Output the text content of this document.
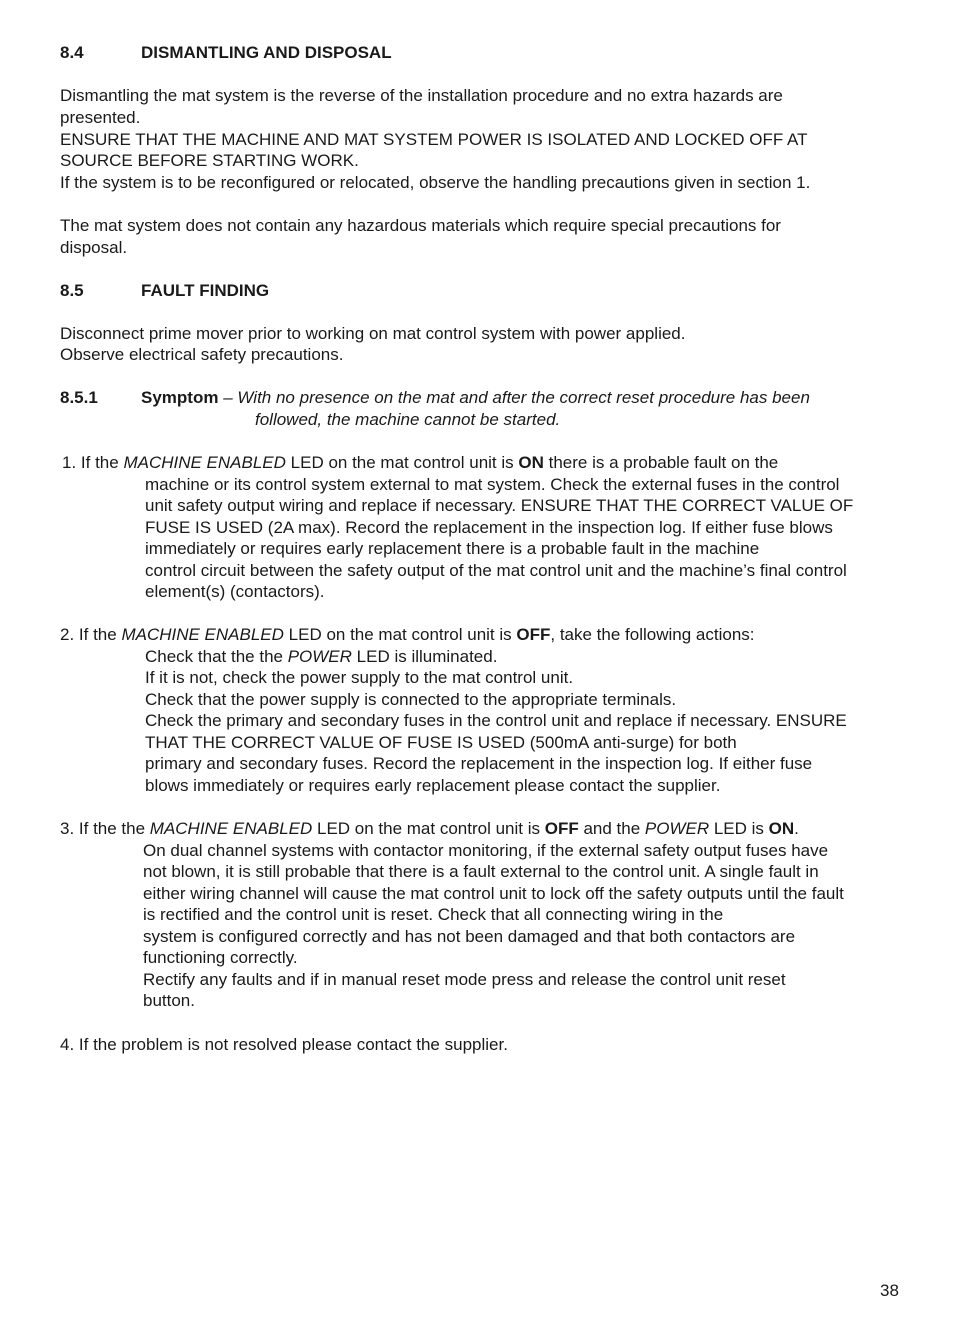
8.4	DISMANTLING AND DISPOSAL
Dismantling the mat system is the reverse of the installation procedure and no extra hazards are
presented.
ENSURE THAT THE MACHINE AND MAT SYSTEM POWER IS ISOLATED AND LOCKED OFF AT
SOURCE BEFORE STARTING WORK.
If the system is to be reconfigured or relocated, observe the handling precautions given in section 1.
The mat system does not contain any hazardous materials which require special precautions for
disposal.
8.5	FAULT FINDING
Disconnect prime mover prior to working on mat control system with power applied.
Observe electrical safety precautions.
8.5.1	Symptom – With no presence on the mat and after the correct reset procedure has been
followed, the machine cannot be started.
1. If the MACHINE ENABLED LED on the mat control unit is ON there is a probable fault on the
machine or its control system external to mat system. Check the external fuses in the control
unit safety output wiring and replace if necessary. ENSURE THAT THE CORRECT VALUE OF
FUSE IS USED (2A max). Record the replacement in the inspection log. If either fuse blows
immediately or requires early replacement there is a probable fault in the machine
control circuit between the safety output of the mat control unit and the machine’s final control
element(s) (contactors).
2. If the MACHINE ENABLED LED on the mat control unit is OFF, take the following actions:
Check that the the POWER LED is illuminated.
If it is not, check the power supply to the mat control unit.
Check that the power supply is connected to the appropriate terminals.
Check the primary and secondary fuses in the control unit and replace if necessary. ENSURE
THAT THE CORRECT VALUE OF FUSE IS USED (500mA anti-surge) for both
primary and secondary fuses. Record the replacement in the inspection log. If either fuse
blows immediately or requires early replacement please contact the supplier.
3. If the the MACHINE ENABLED LED on the mat control unit is OFF and the POWER LED is ON.
On dual channel systems with contactor monitoring, if the external safety output fuses have
not blown, it is still probable that there is a fault external to the control unit. A single fault in
either wiring channel will cause the mat control unit to lock off the safety outputs until the fault
is rectified and the control unit is reset. Check that all connecting wiring in the
system is configured correctly and has not been damaged and that both contactors are
functioning correctly.
Rectify any faults and if in manual reset mode press and release the control unit reset
button.
4. If the problem is not resolved please contact the supplier.
38
